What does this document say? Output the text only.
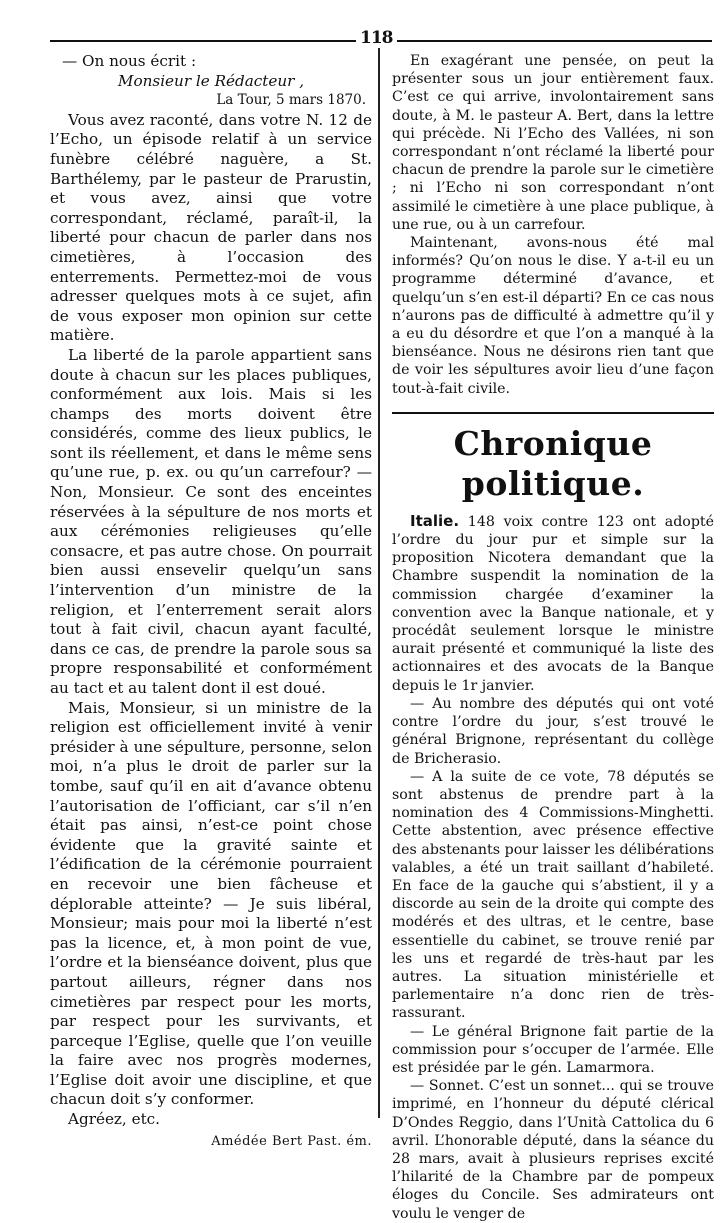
118

— On nous écrit :

Monsieur le Rédacteur ,

La Tour, 5 mars 1870.

Vous avez raconté, dans votre N. 12 de l’Echo, un épisode relatif à un service funèbre célébré naguère, a St. Barthélemy, par le pasteur de Prarustin, et vous avez, ainsi que votre correspondant, réclamé, paraît-il, la liberté pour chacun de parler dans nos cimetières, à l’occasion des enterrements. Permettez-moi de vous adresser quelques mots à ce sujet, afin de vous exposer mon opinion sur cette matière.

La liberté de la parole appartient sans doute à chacun sur les places publiques, conformément aux lois. Mais si les champs des morts doivent être considérés, comme des lieux publics, le sont ils réellement, et dans le même sens qu’une rue, p. ex. ou qu’un carrefour? — Non, Monsieur. Ce sont des enceintes réservées à la sépulture de nos morts et aux cérémonies religieuses qu’elle consacre, et pas autre chose. On pourrait bien aussi ensevelir quelqu’un sans l’intervention d’un ministre de la religion, et l’enterrement serait alors tout à fait civil, chacun ayant faculté, dans ce cas, de prendre la parole sous sa propre responsabilité et conformément au tact et au talent dont il est doué.

Mais, Monsieur, si un ministre de la religion est officiellement invité à venir présider à une sépulture, personne, selon moi, n’a plus le droit de parler sur la tombe, sauf qu’il en ait d’avance obtenu l’autorisation de l’officiant, car s’il n’en était pas ainsi, n’est-ce point chose évidente que la gravité sainte et l’édification de la cérémonie pourraient en recevoir une bien fâcheuse et déplorable atteinte? — Je suis libéral, Monsieur; mais pour moi la liberté n’est pas la licence, et, à mon point de vue, l’ordre et la bienséance doivent, plus que partout ailleurs, régner dans nos cimetières par respect pour les morts, par respect pour les survivants, et parceque l’Eglise, quelle que l’on veuille la faire avec nos progrès modernes, l’Eglise doit avoir une discipline, et que chacun doit s’y conformer.

Agréez, etc.

Amédée Bert Past. ém.

En exagérant une pensée, on peut la présenter sous un jour entièrement faux. C’est ce qui arrive, involontairement sans doute, à M. le pasteur A. Bert, dans la lettre qui précède. Ni l’Echo des Vallées, ni son correspondant n’ont réclamé la liberté pour chacun de prendre la parole sur le cimetière ; ni l’Echo ni son correspondant n’ont assimilé le cimetière à une place publique, à une rue, ou à un carrefour.

Maintenant, avons-nous été mal informés? Qu’on nous le dise. Y a-t-il eu un programme déterminé d’avance, et quelqu’un s’en est-il départi? En ce cas nous n’aurons pas de difficulté à admettre qu’il y a eu du désordre et que l’on a manqué à la bienséance. Nous ne désirons rien tant que de voir les sépultures avoir lieu d’une façon tout-à-fait civile.

Chronique politique.

Italie. 148 voix contre 123 ont adopté l’ordre du jour pur et simple sur la proposition Nicotera demandant que la Chambre suspendit la nomination de la commission chargée d’examiner la convention avec la Banque nationale, et y procédât seulement lorsque le ministre aurait présenté et communiqué la liste des actionnaires et des avocats de la Banque depuis le 1r janvier.

— Au nombre des députés qui ont voté contre l’ordre du jour, s’est trouvé le général Brignone, représentant du collège de Bricherasio.

— A la suite de ce vote, 78 députés se sont abstenus de prendre part à la nomination des 4 Commissions-Minghetti. Cette abstention, avec présence effective des abstenants pour laisser les délibérations valables, a été un trait saillant d’habileté. En face de la gauche qui s’abstient, il y a discorde au sein de la droite qui compte des modérés et des ultras, et le centre, base essentielle du cabinet, se trouve renié par les uns et regardé de très-haut par les autres. La situation ministérielle et parlementaire n’a donc rien de très-rassurant.

— Le général Brignone fait partie de la commission pour s’occuper de l’armée. Elle est présidée par le gén. Lamarmora.

— Sonnet. C’est un sonnet... qui se trouve imprimé, en l’honneur du député clérical D’Ondes Reggio, dans l’Unità Cattolica du 6 avril. L’honorable député, dans la séance du 28 mars, avait à plusieurs reprises excité l’hilarité de la Chambre par de pompeux éloges du Concile. Ses admirateurs ont voulu le venger de
